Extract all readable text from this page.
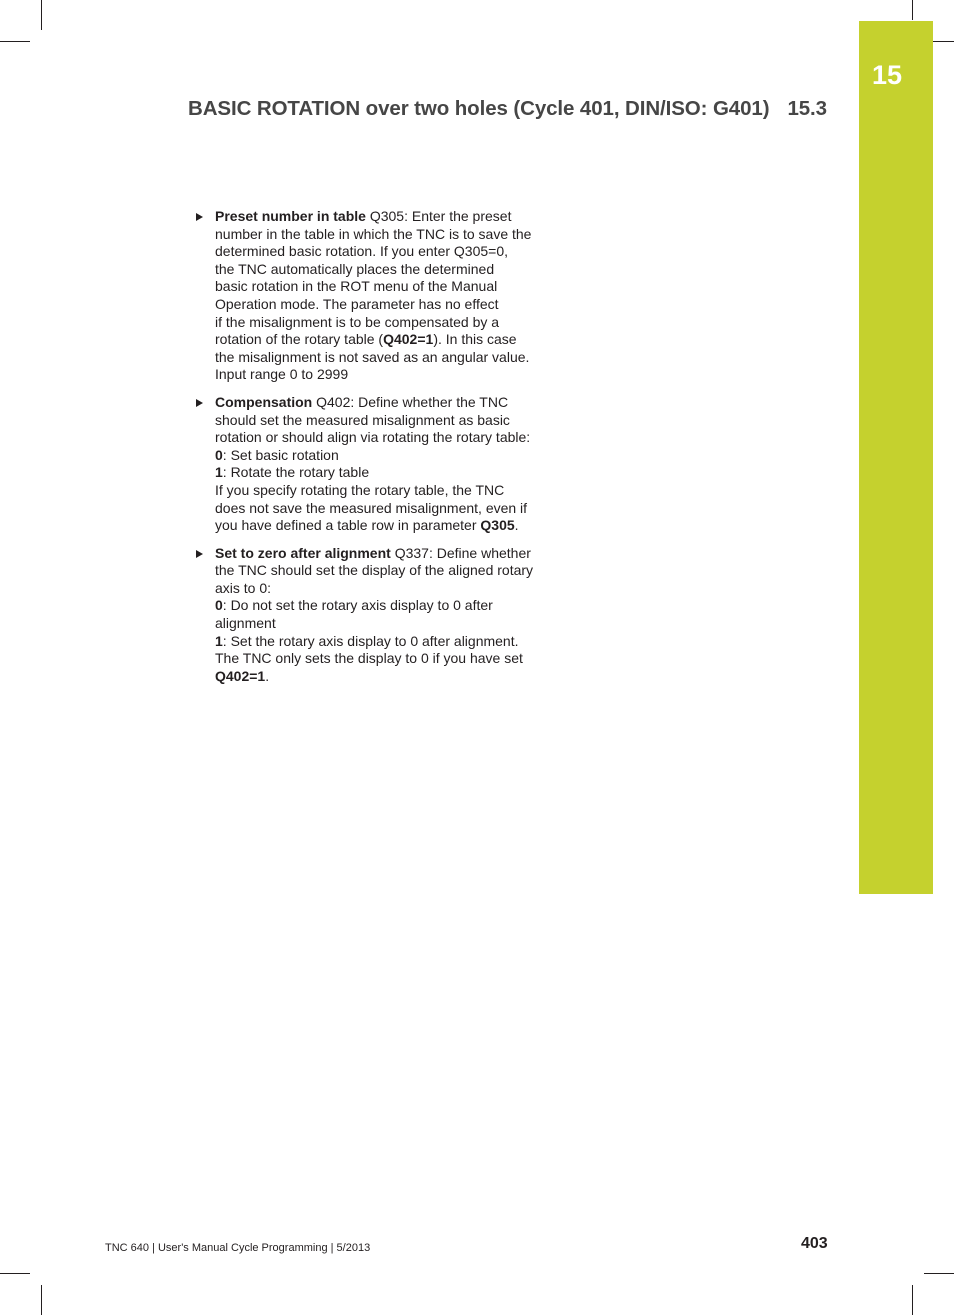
15
BASIC ROTATION over two holes (Cycle 401, DIN/ISO: G401) 15.3
Preset number in table Q305: Enter the preset
number in the table in which the TNC is to save the
determined basic rotation. If you enter Q305=0,
the TNC automatically places the determined
basic rotation in the ROT menu of the Manual
Operation mode. The parameter has no effect
if the misalignment is to be compensated by a
rotation of the rotary table (Q402=1). In this case
the misalignment is not saved as an angular value.
Input range 0 to 2999
Compensation Q402: Define whether the TNC
should set the measured misalignment as basic
rotation or should align via rotating the rotary table:
0: Set basic rotation
1: Rotate the rotary table
If you specify rotating the rotary table, the TNC
does not save the measured misalignment, even if
you have defined a table row in parameter Q305.
Set to zero after alignment Q337: Define whether
the TNC should set the display of the aligned rotary
axis to 0:
0: Do not set the rotary axis display to 0 after
alignment
1: Set the rotary axis display to 0 after alignment.
The TNC only sets the display to 0 if you have set
Q402=1.
TNC 640 | User's Manual Cycle Programming | 5/2013	403
